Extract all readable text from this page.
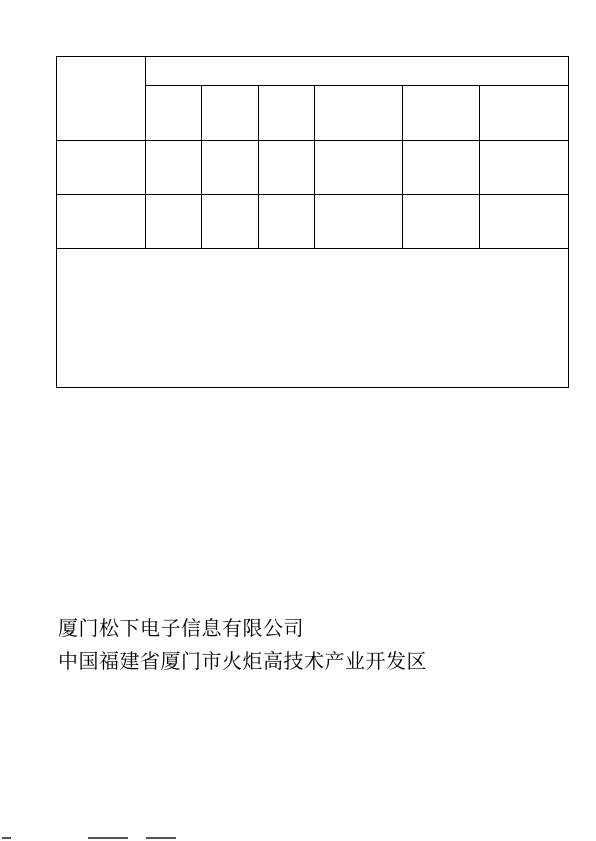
厦门松下电子信息有限公司
中国福建省厦门市火炬高技术产业开发区
